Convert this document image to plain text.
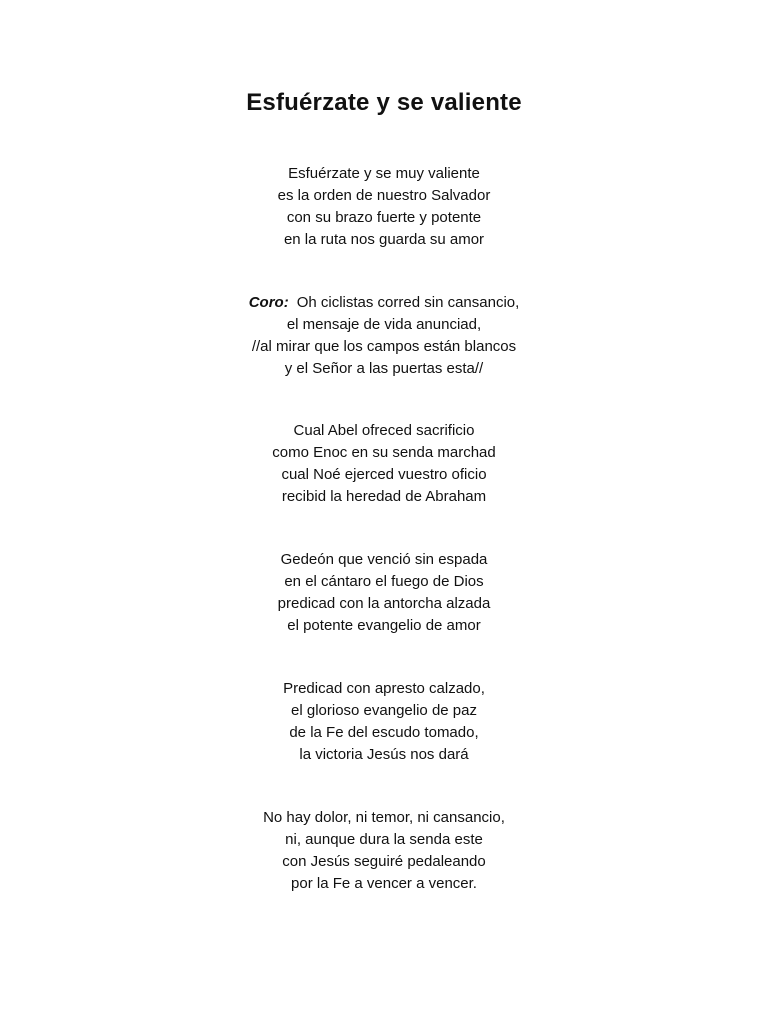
Esfuérzate y se valiente
Esfuérzate y se muy valiente
es la orden de nuestro Salvador
con su brazo fuerte y potente
en la ruta nos guarda su amor
Coro: Oh ciclistas corred sin cansancio,
el mensaje de vida anunciad,
//al mirar que los campos están blancos
y el Señor a las puertas esta//
Cual Abel ofreced sacrificio
como Enoc en su senda marchad
cual Noé ejerced vuestro oficio
recibid la heredad de Abraham
Gedeón que venció sin espada
en el cántaro el fuego de Dios
predicad con la antorcha alzada
el potente evangelio de amor
Predicad con apresto calzado,
el glorioso evangelio de paz
de la Fe del escudo tomado,
la victoria Jesús nos dará
No hay dolor, ni temor, ni cansancio,
ni, aunque dura la senda este
con Jesús seguiré pedaleando
por la Fe a vencer a vencer.
